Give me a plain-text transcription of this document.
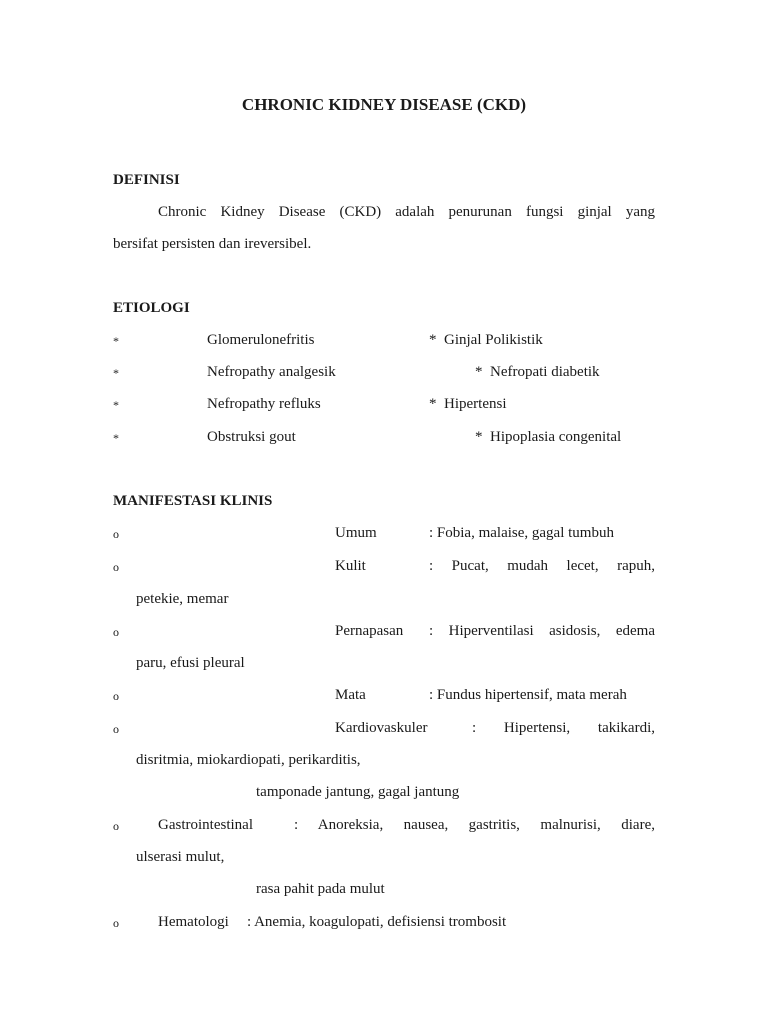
CHRONIC KIDNEY DISEASE (CKD)
DEFINISI
Chronic Kidney Disease (CKD) adalah penurunan fungsi ginjal yang
bersifat persisten dan ireversibel.
ETIOLOGI
*	Glomerulonefritis	* Ginjal Polikistik
*	Nefropathy analgesik	* Nefropati diabetik
*	Nefropathy refluks	* Hipertensi
*	Obstruksi gout	* Hipoplasia congenital
MANIFESTASI KLINIS
o	Umum	: Fobia, malaise, gagal tumbuh
o	Kulit	: Pucat, mudah lecet, rapuh,
petekie, memar
o	Pernapasan : Hiperventilasi asidosis, edema
paru, efusi pleural
o	Mata	: Fundus hipertensif, mata merah
o	Kardiovaskuler	: Hipertensi, takikardi,
disritmia, miokardiopati, perikarditis,
tamponade jantung, gagal jantung
o	Gastrointestinal	: Anoreksia, nausea, gastritis, malnurisi, diare,
ulserasi mulut,
rasa pahit pada mulut
o	Hematologi : Anemia, koagulopati, defisiensi trombosit
